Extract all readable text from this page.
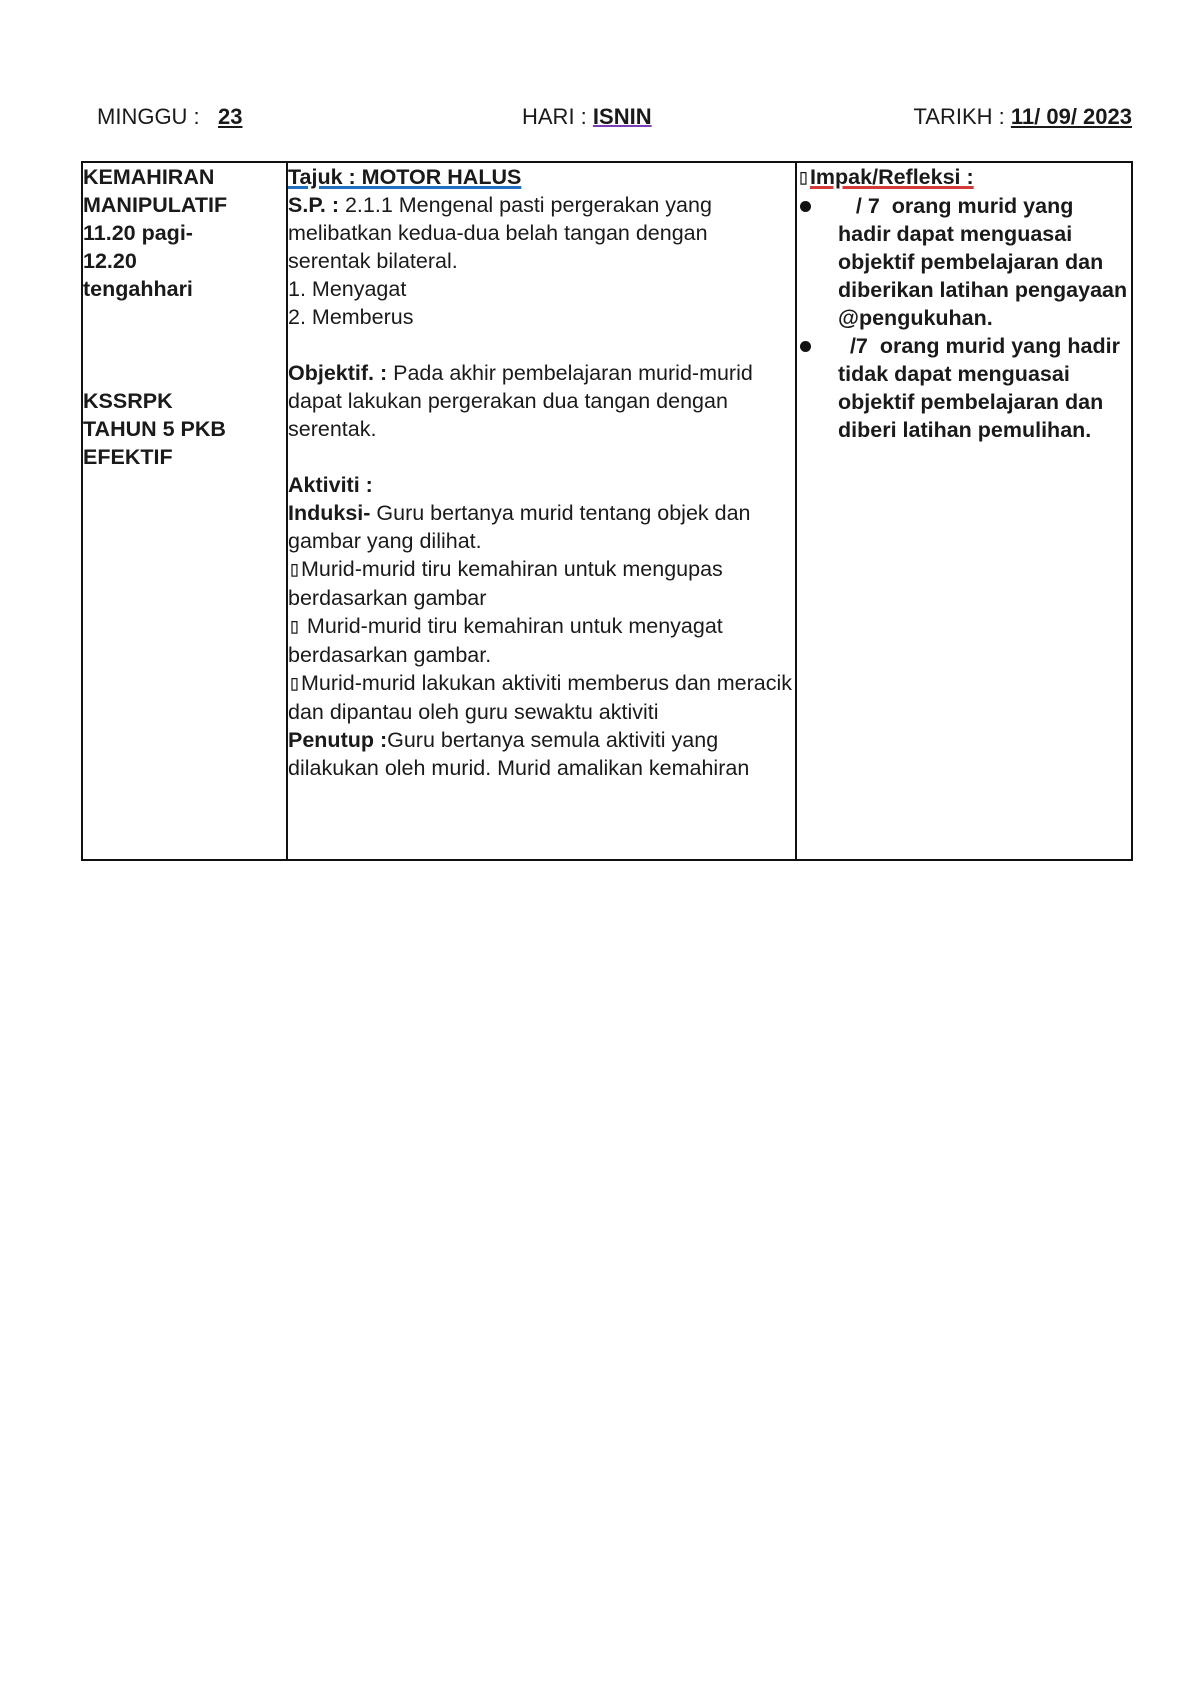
MINGGU : 23	HARI : ISNIN	TARIKH : 11/ 09/ 2023
KEMAHIRAN
MANIPULATIF
11.20 pagi-
12.20
tengahhari
KSSRPK
TAHUN 5 PKB
EFEKTIF

Tajuk : MOTOR HALUS
S.P. : 2.1.1 Mengenal pasti pergerakan yang melibatkan kedua-dua belah tangan dengan serentak bilateral.
1. Menyagat
2. Memberus
Objektif. : Pada akhir pembelajaran murid-murid dapat lakukan pergerakan dua tangan dengan serentak.
Aktiviti :
Induksi- Guru bertanya murid tentang objek dan gambar yang dilihat.
▯Murid-murid tiru kemahiran untuk mengupas berdasarkan gambar
▯ Murid-murid tiru kemahiran untuk menyagat berdasarkan gambar.
▯Murid-murid lakukan aktiviti memberus dan meracik dan dipantau oleh guru sewaktu aktiviti
Penutup :Guru bertanya semula aktiviti yang dilakukan oleh murid. Murid amalikan kemahiran

▯Impak/Refleksi :
/ 7  orang murid yang hadir dapat menguasai objektif pembelajaran dan diberikan latihan pengayaan @pengukuhan.
/7  orang murid yang hadir tidak dapat menguasai objektif pembelajaran dan diberi latihan pemulihan.
